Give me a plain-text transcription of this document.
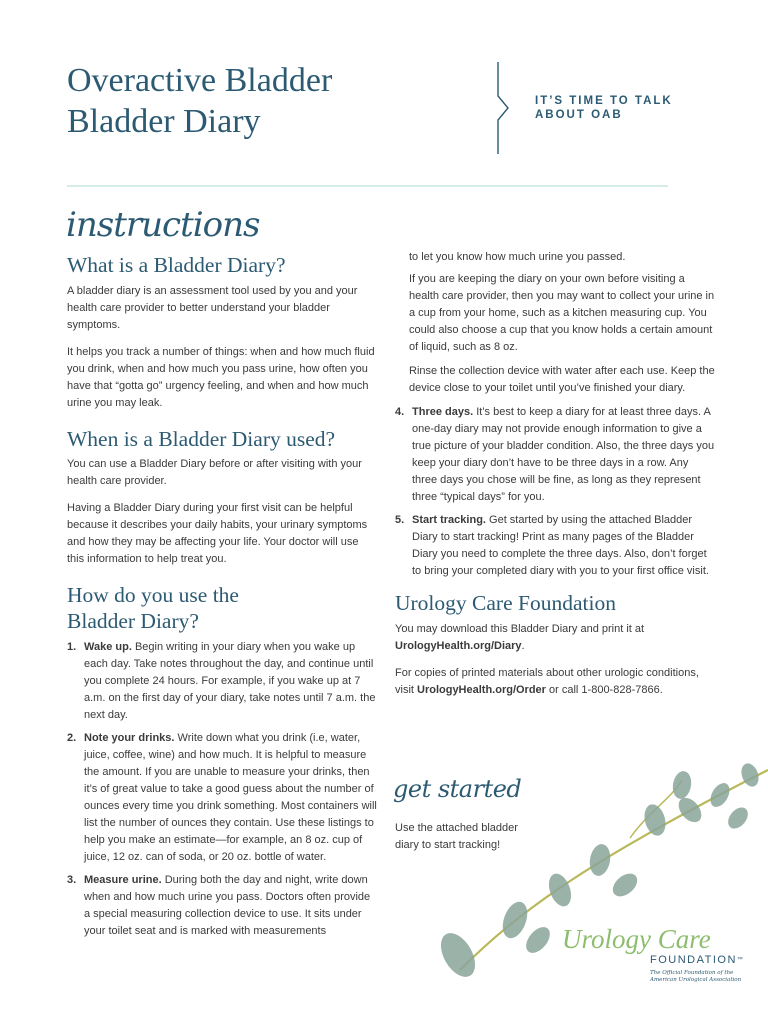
Overactive Bladder
Bladder Diary
IT’S TIME TO TALK
ABOUT OAB
instructions
What is a Bladder Diary?

A bladder diary is an assessment tool used by you and your health care provider to better understand your bladder symptoms.

It helps you track a number of things: when and how much fluid you drink, when and how much you pass urine, how often you have that “gotta go” urgency feeling, and when and how much urine you may leak.

When is a Bladder Diary used?

You can use a Bladder Diary before or after visiting with your health care provider.

Having a Bladder Diary during your first visit can be helpful because it describes your daily habits, your urinary symptoms and how they may be affecting your life. Your doctor will use this information to help treat you.

How do you use the
Bladder Diary?
1. Wake up. Begin writing in your diary when you wake up each day. Take notes throughout the day, and continue until you complete 24 hours. For example, if you wake up at 7 a.m. on the first day of your diary, take notes until 7 a.m. the next day.
2. Note your drinks. Write down what you drink (i.e, water, juice, coffee, wine) and how much. It is helpful to measure the amount. If you are unable to measure your drinks, then it’s of great value to take a good guess about the number of ounces every time you drink something. Most containers will list the number of ounces they contain. Use these listings to help you make an estimate—for example, an 8 oz. cup of juice, 12 oz. can of soda, or 20 oz. bottle of water.
3. Measure urine. During both the day and night, write down when and how much urine you pass. Doctors often provide a special measuring collection device to use. It sits under your toilet seat and is marked with measurements

to let you know how much urine you passed.

If you are keeping the diary on your own before visiting a health care provider, then you may want to collect your urine in a cup from your home, such as a kitchen measuring cup. You could also choose a cup that you know holds a certain amount of liquid, such as 8 oz.

Rinse the collection device with water after each use. Keep the device close to your toilet until you’ve finished your diary.

4. Three days. It’s best to keep a diary for at least three days. A one-day diary may not provide enough information to give a true picture of your bladder condition. Also, the three days you keep your diary don’t have to be three days in a row. Any three days you chose will be fine, as long as they represent three “typical days” for you.
5. Start tracking. Get started by using the attached Bladder Diary to start tracking! Print as many pages of the Bladder Diary you need to complete the three days. Also, don’t forget to bring your completed diary with you to your first office visit.
Urology Care Foundation

You may download this Bladder Diary and print it at UrologyHealth.org/Diary.

For copies of printed materials about other urologic conditions, visit UrologyHealth.org/Order or call 1-800-828-7866.

get started
Use the attached bladder diary to start tracking!
Urology Care
FOUNDATION™
The Official Foundation of the
American Urological Association
